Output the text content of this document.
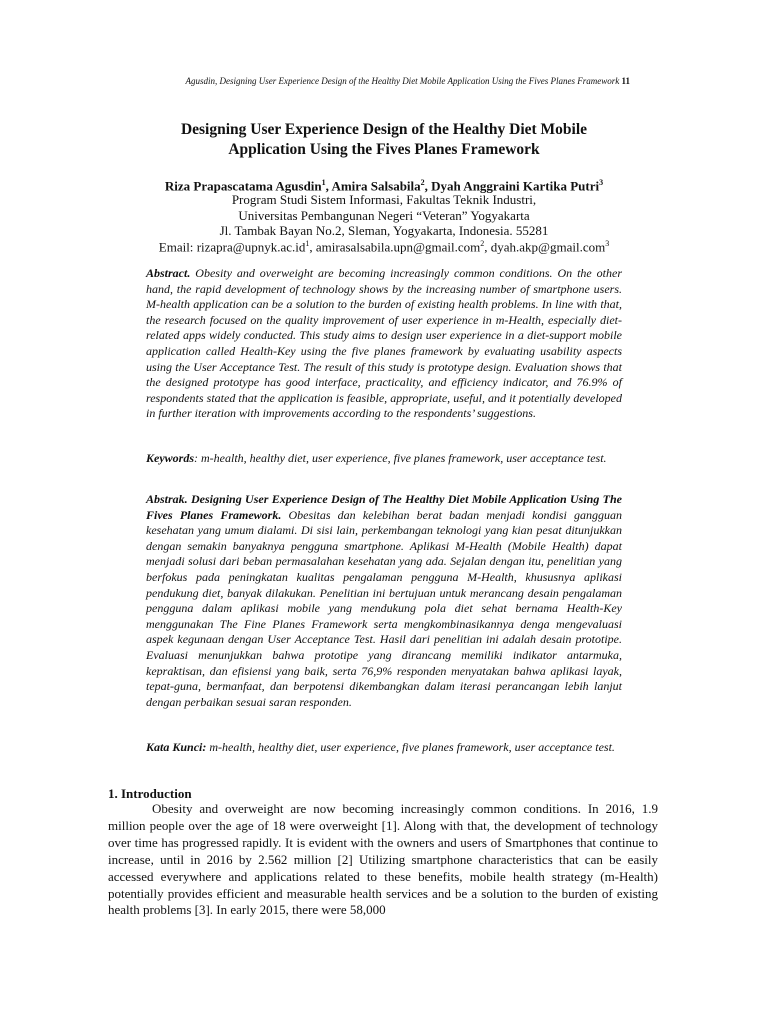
Agusdin, Designing User Experience Design of the Healthy Diet Mobile Application Using the Fives Planes Framework 11
Designing User Experience Design of the Healthy Diet Mobile
Application Using the Fives Planes Framework
Riza Prapascatama Agusdin$^1$, Amira Salsabila$^2$, Dyah Anggraini Kartika Putri$^3$
Program Studi Sistem Informasi, Fakultas Teknik Industri,
Universitas Pembangunan Negeri “Veteran” Yogyakarta
Jl. Tambak Bayan No.2, Sleman, Yogyakarta, Indonesia. 55281
Email: $rizapra@upnyk.ac.id^1$, amirasalsabila.upn@gmail.com$^2$, dyah.akp@gmail.com$^3$

Abstract. Obesity and overweight are becoming increasingly common conditions. On the other hand, the rapid development of technology shows by the increasing number of smartphone users. M-health application can be a solution to the burden of existing health problems. In line with that, the research focused on the quality improvement of user experience in m-Health, especially diet-related apps widely conducted. This study aims to design user experience in a diet-support mobile application called Health-Key using the five planes framework by evaluating usability aspects using the User Acceptance Test. The result of this study is prototype design. Evaluation shows that the designed prototype has good interface, practicality, and efficiency indicator, and 76.9% of respondents stated that the application is feasible, appropriate, useful, and it potentially developed in further iteration with improvements according to the respondents’ suggestions.

Keywords: m-health, healthy diet, user experience, five planes framework, user acceptance test.

Abstrak. Designing User Experience Design of The Healthy Diet Mobile Application Using The Fives Planes Framework. Obesitas dan kelebihan berat badan menjadi kondisi gangguan kesehatan yang umum dialami. Di sisi lain, perkembangan teknologi yang kian pesat ditunjukkan dengan semakin banyaknya pengguna smartphone. Aplikasi M-Health (Mobile Health) dapat menjadi solusi dari beban permasalahan kesehatan yang ada. Sejalan dengan itu, penelitian yang berfokus pada peningkatan kualitas pengalaman pengguna M-Health, khususnya aplikasi pendukung diet, banyak dilakukan. Penelitian ini bertujuan untuk merancang desain pengalaman pengguna dalam aplikasi mobile yang mendukung pola diet sehat bernama Health-Key menggunakan The Fine Planes Framework serta mengkombinasikannya denga mengevaluasi aspek kegunaan dengan User Acceptance Test. Hasil dari penelitian ini adalah desain prototipe. Evaluasi menunjukkan bahwa prototipe yang dirancang memiliki indikator antarmuka, kepraktisan, dan efisiensi yang baik, serta 76,9% responden menyatakan bahwa aplikasi layak, tepat-guna, bermanfaat, dan berpotensi dikembangkan dalam iterasi perancangan lebih lanjut dengan perbaikan sesuai saran responden.

Kata Kunci: m-health, healthy diet, user experience, five planes framework, user acceptance test.

1. Introduction

Obesity and overweight are now becoming increasingly common conditions. In 2016, 1.9 million people over the age of 18 were overweight [1]. Along with that, the development of technology over time has progressed rapidly. It is evident with the owners and users of Smartphones that continue to increase, until in 2016 by 2.562 million [2] Utilizing smartphone characteristics that can be easily accessed everywhere and applications related to these benefits, mobile health strategy (m-Health) potentially provides efficient and measurable health services and be a solution to the burden of existing health problems [3]. In early 2015, there were 58,000
